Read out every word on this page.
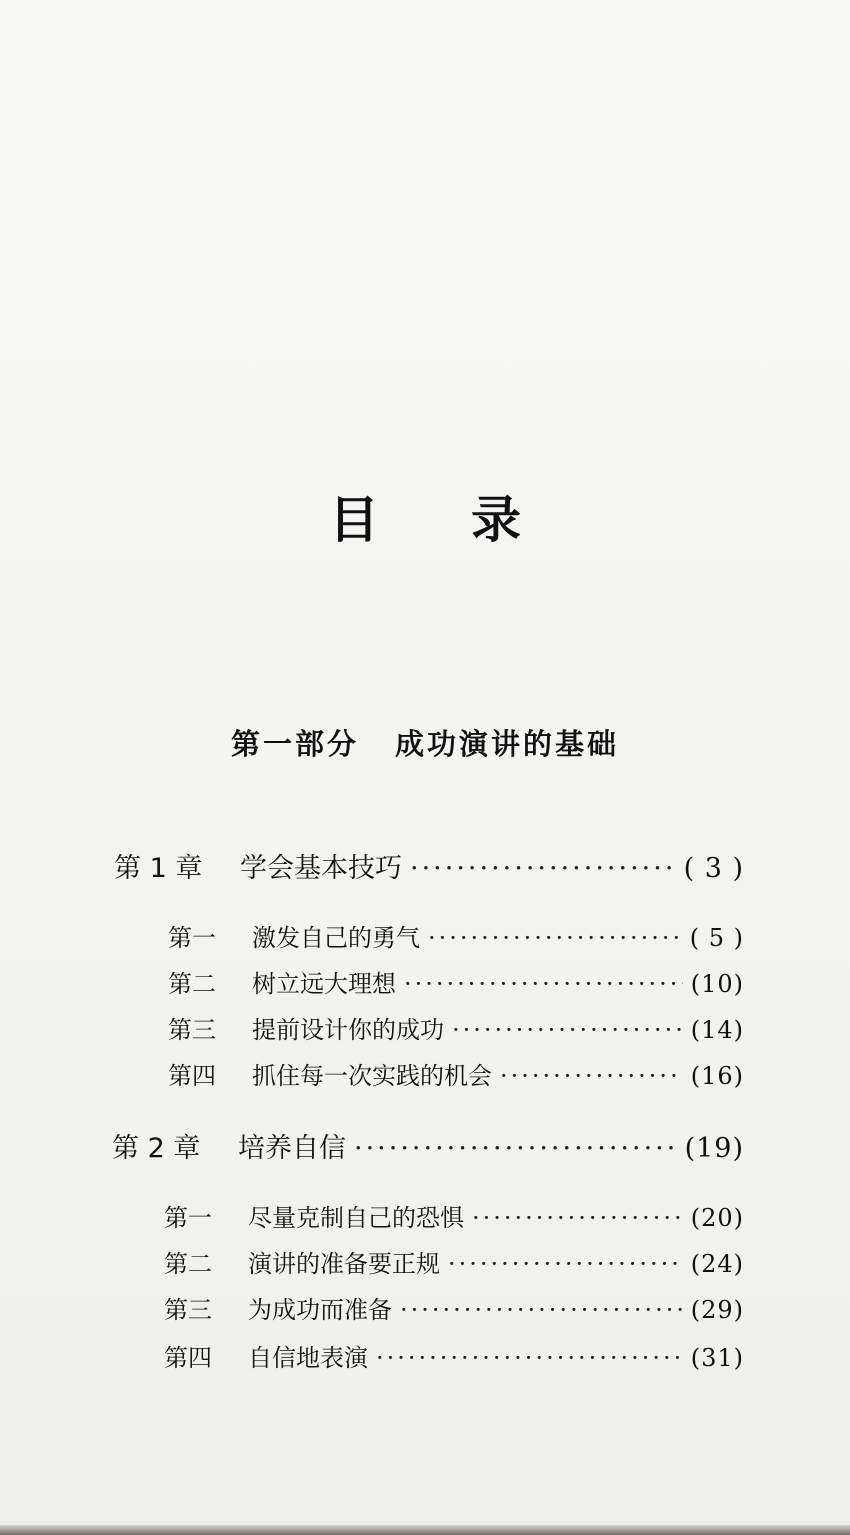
目录
第一部分 成功演讲的基础
第 1 章	学会基本技巧 ·····	( 3 )
第一	激发自己的勇气 ·····	( 5 )
第二	树立远大理想 ·····	(10)
第三	提前设计你的成功 ·····	(14)
第四	抓住每一次实践的机会 ·····	(16)
第 2 章	培养自信 ·····	(19)
第一	尽量克制自己的恐惧 ·····	(20)
第二	演讲的准备要正规 ·····	(24)
第三	为成功而准备 ·····	(29)
第四	自信地表演 ·····	(31)
